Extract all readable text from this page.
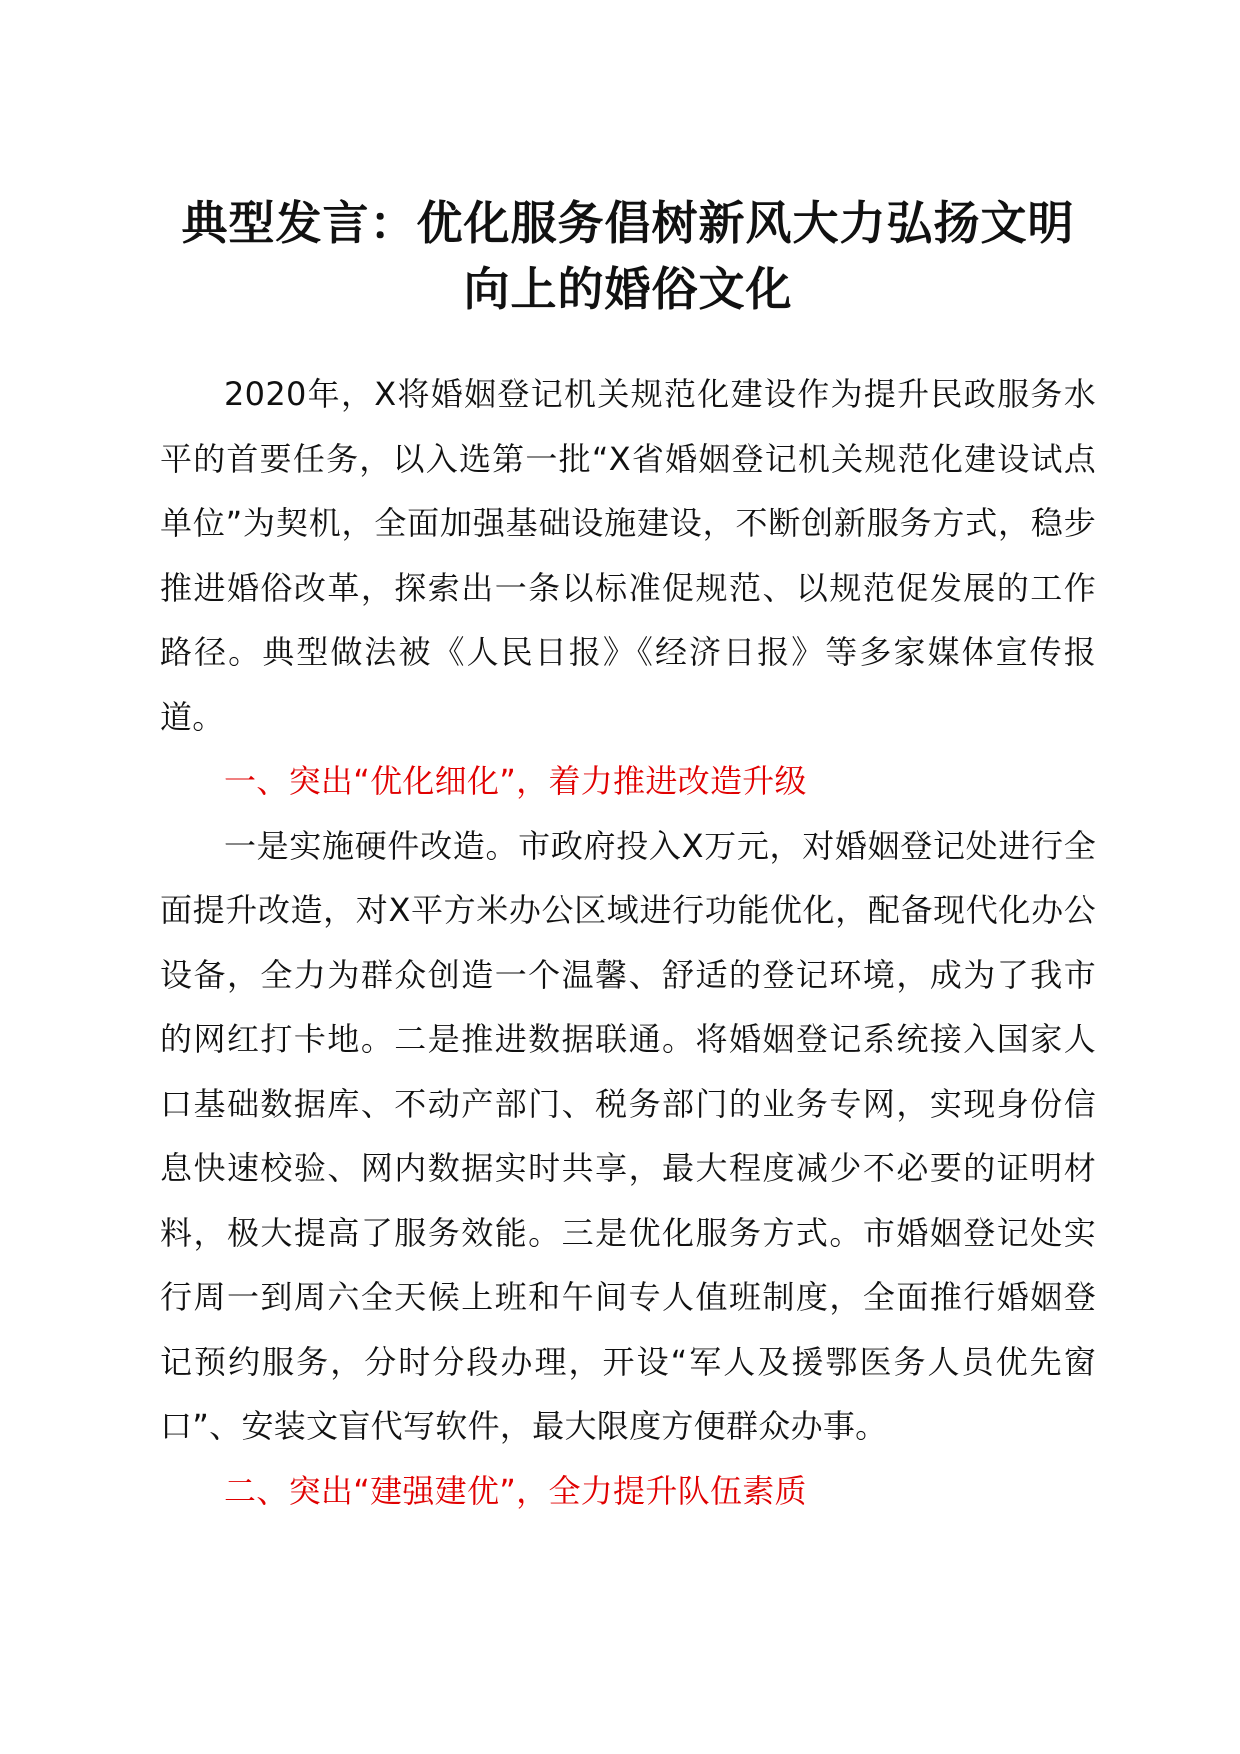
典型发言：优化服务倡树新风大力弘扬文明向上的婚俗文化

2020年，X将婚姻登记机关规范化建设作为提升民政服务水平的首要任务，以入选第一批“X省婚姻登记机关规范化建设试点单位”为契机，全面加强基础设施建设，不断创新服务方式，稳步推进婚俗改革，探索出一条以标准促规范、以规范促发展的工作路径。典型做法被《人民日报》《经济日报》等多家媒体宣传报道。

一、突出“优化细化”，着力推进改造升级

一是实施硬件改造。市政府投入X万元，对婚姻登记处进行全面提升改造，对X平方米办公区域进行功能优化，配备现代化办公设备，全力为群众创造一个温馨、舒适的登记环境，成为了我市的网红打卡地。二是推进数据联通。将婚姻登记系统接入国家人口基础数据库、不动产部门、税务部门的业务专网，实现身份信息快速校验、网内数据实时共享，最大程度减少不必要的证明材料，极大提高了服务效能。三是优化服务方式。市婚姻登记处实行周一到周六全天候上班和午间专人值班制度，全面推行婚姻登记预约服务，分时分段办理，开设“军人及援鄂医务人员优先窗口”、安装文盲代写软件，最大限度方便群众办事。

二、突出“建强建优”，全力提升队伍素质
